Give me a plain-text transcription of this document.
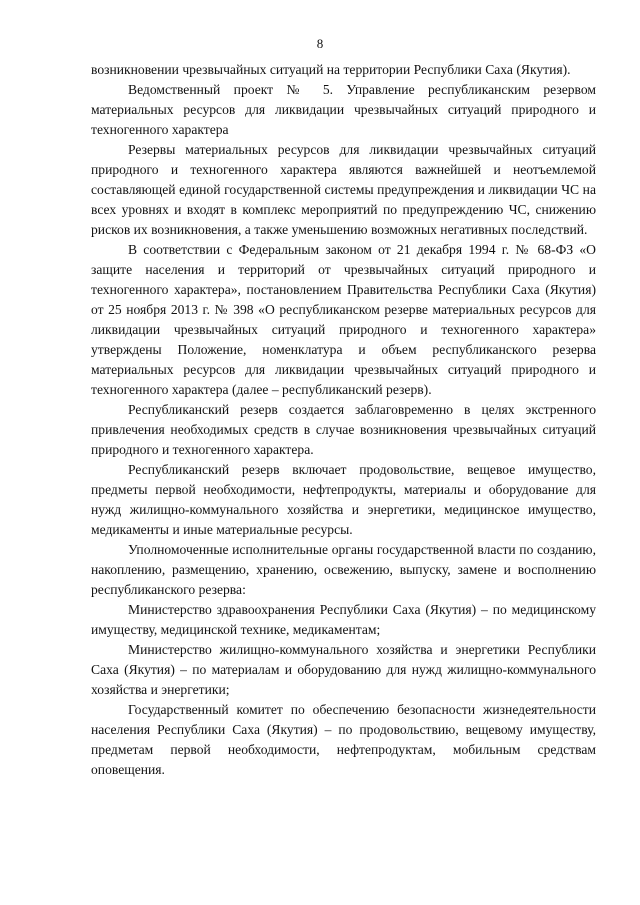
8

возникновении чрезвычайных ситуаций на территории Республики Саха (Якутия).

Ведомственный проект № 5. Управление республиканским резервом материальных ресурсов для ликвидации чрезвычайных ситуаций природного и техногенного характера

Резервы материальных ресурсов для ликвидации чрезвычайных ситуаций природного и техногенного характера являются важнейшей и неотъемлемой составляющей единой государственной системы предупреждения и ликвидации ЧС на всех уровнях и входят в комплекс мероприятий по предупреждению ЧС, снижению рисков их возникновения, а также уменьшению возможных негативных последствий.

В соответствии с Федеральным законом от 21 декабря 1994 г. № 68-ФЗ «О защите населения и территорий от чрезвычайных ситуаций природного и техногенного характера», постановлением Правительства Республики Саха (Якутия) от 25 ноября 2013 г. № 398 «О республиканском резерве материальных ресурсов для ликвидации чрезвычайных ситуаций природного и техногенного характера» утверждены Положение, номенклатура и объем республиканского резерва материальных ресурсов для ликвидации чрезвычайных ситуаций природного и техногенного характера (далее – республиканский резерв).

Республиканский резерв создается заблаговременно в целях экстренного привлечения необходимых средств в случае возникновения чрезвычайных ситуаций природного и техногенного характера.

Республиканский резерв включает продовольствие, вещевое имущество, предметы первой необходимости, нефтепродукты, материалы и оборудование для нужд жилищно-коммунального хозяйства и энергетики, медицинское имущество, медикаменты и иные материальные ресурсы.

Уполномоченные исполнительные органы государственной власти по созданию, накоплению, размещению, хранению, освежению, выпуску, замене и восполнению республиканского резерва:

Министерство здравоохранения Республики Саха (Якутия) – по медицинскому имуществу, медицинской технике, медикаментам;

Министерство жилищно-коммунального хозяйства и энергетики Республики Саха (Якутия) – по материалам и оборудованию для нужд жилищно-коммунального хозяйства и энергетики;

Государственный комитет по обеспечению безопасности жизнедеятельности населения Республики Саха (Якутия) – по продовольствию, вещевому имуществу, предметам первой необходимости, нефтепродуктам, мобильным средствам оповещения.
